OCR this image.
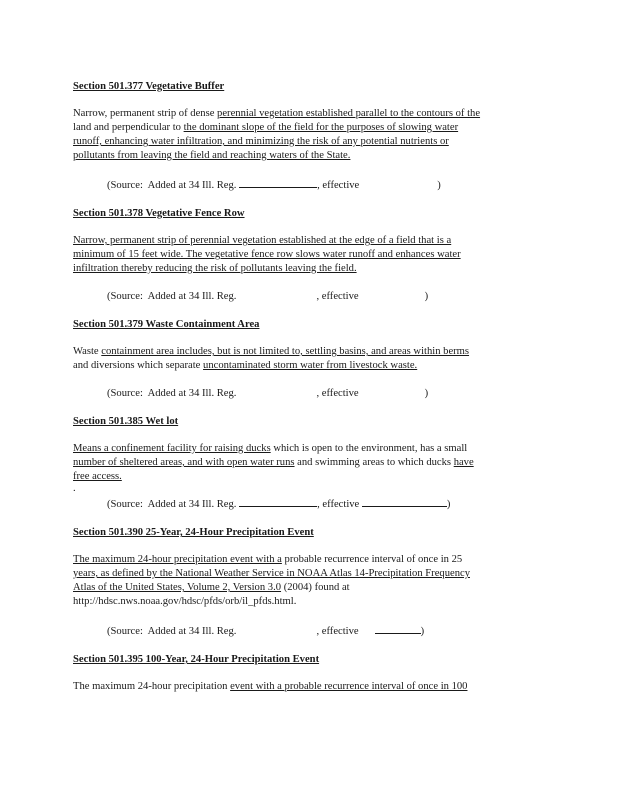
Section 501.377 Vegetative Buffer

Narrow, permanent strip of dense perennial vegetation established parallel to the contours of the
land and perpendicular to the dominant slope of the field for the purposes of slowing water
runoff, enhancing water infiltration, and minimizing the risk of any potential nutrients or
pollutants from leaving the field and reaching waters of the State.

(Source:  Added at 34 Ill. Reg.	, effective	)

Section 501.378 Vegetative Fence Row

Narrow, permanent strip of perennial vegetation established at the edge of a field that is a
minimum of 15 feet wide. The vegetative fence row slows water runoff and enhances water
infiltration thereby reducing the risk of pollutants leaving the field.

(Source:  Added at 34 Ill. Reg.	, effective	)

Section 501.379 Waste Containment Area

Waste containment area includes, but is not limited to, settling basins, and areas within berms
and diversions which separate uncontaminated storm water from livestock waste.

(Source:  Added at 34 Ill. Reg.	, effective	)

Section 501.385 Wet lot

Means a confinement facility for raising ducks which is open to the environment, has a small
number of sheltered areas, and with open water runs and swimming areas to which ducks have
free access.

.

(Source:  Added at 34 Ill. Reg.	, effective	)

Section 501.390 25-Year, 24-Hour Precipitation Event

The maximum 24-hour precipitation event with a probable recurrence interval of once in 25
years, as defined by the National Weather Service in NOAA Atlas 14-Precipitation Frequency
Atlas of the United States, Volume 2, Version 3.0 (2004) found at
http://hdsc.nws.noaa.gov/hdsc/pfds/orb/il_pfds.html.

(Source:  Added at 34 Ill. Reg.	, effective	)

Section 501.395 100-Year, 24-Hour Precipitation Event

The maximum 24-hour precipitation event with a probable recurrence interval of once in 100
